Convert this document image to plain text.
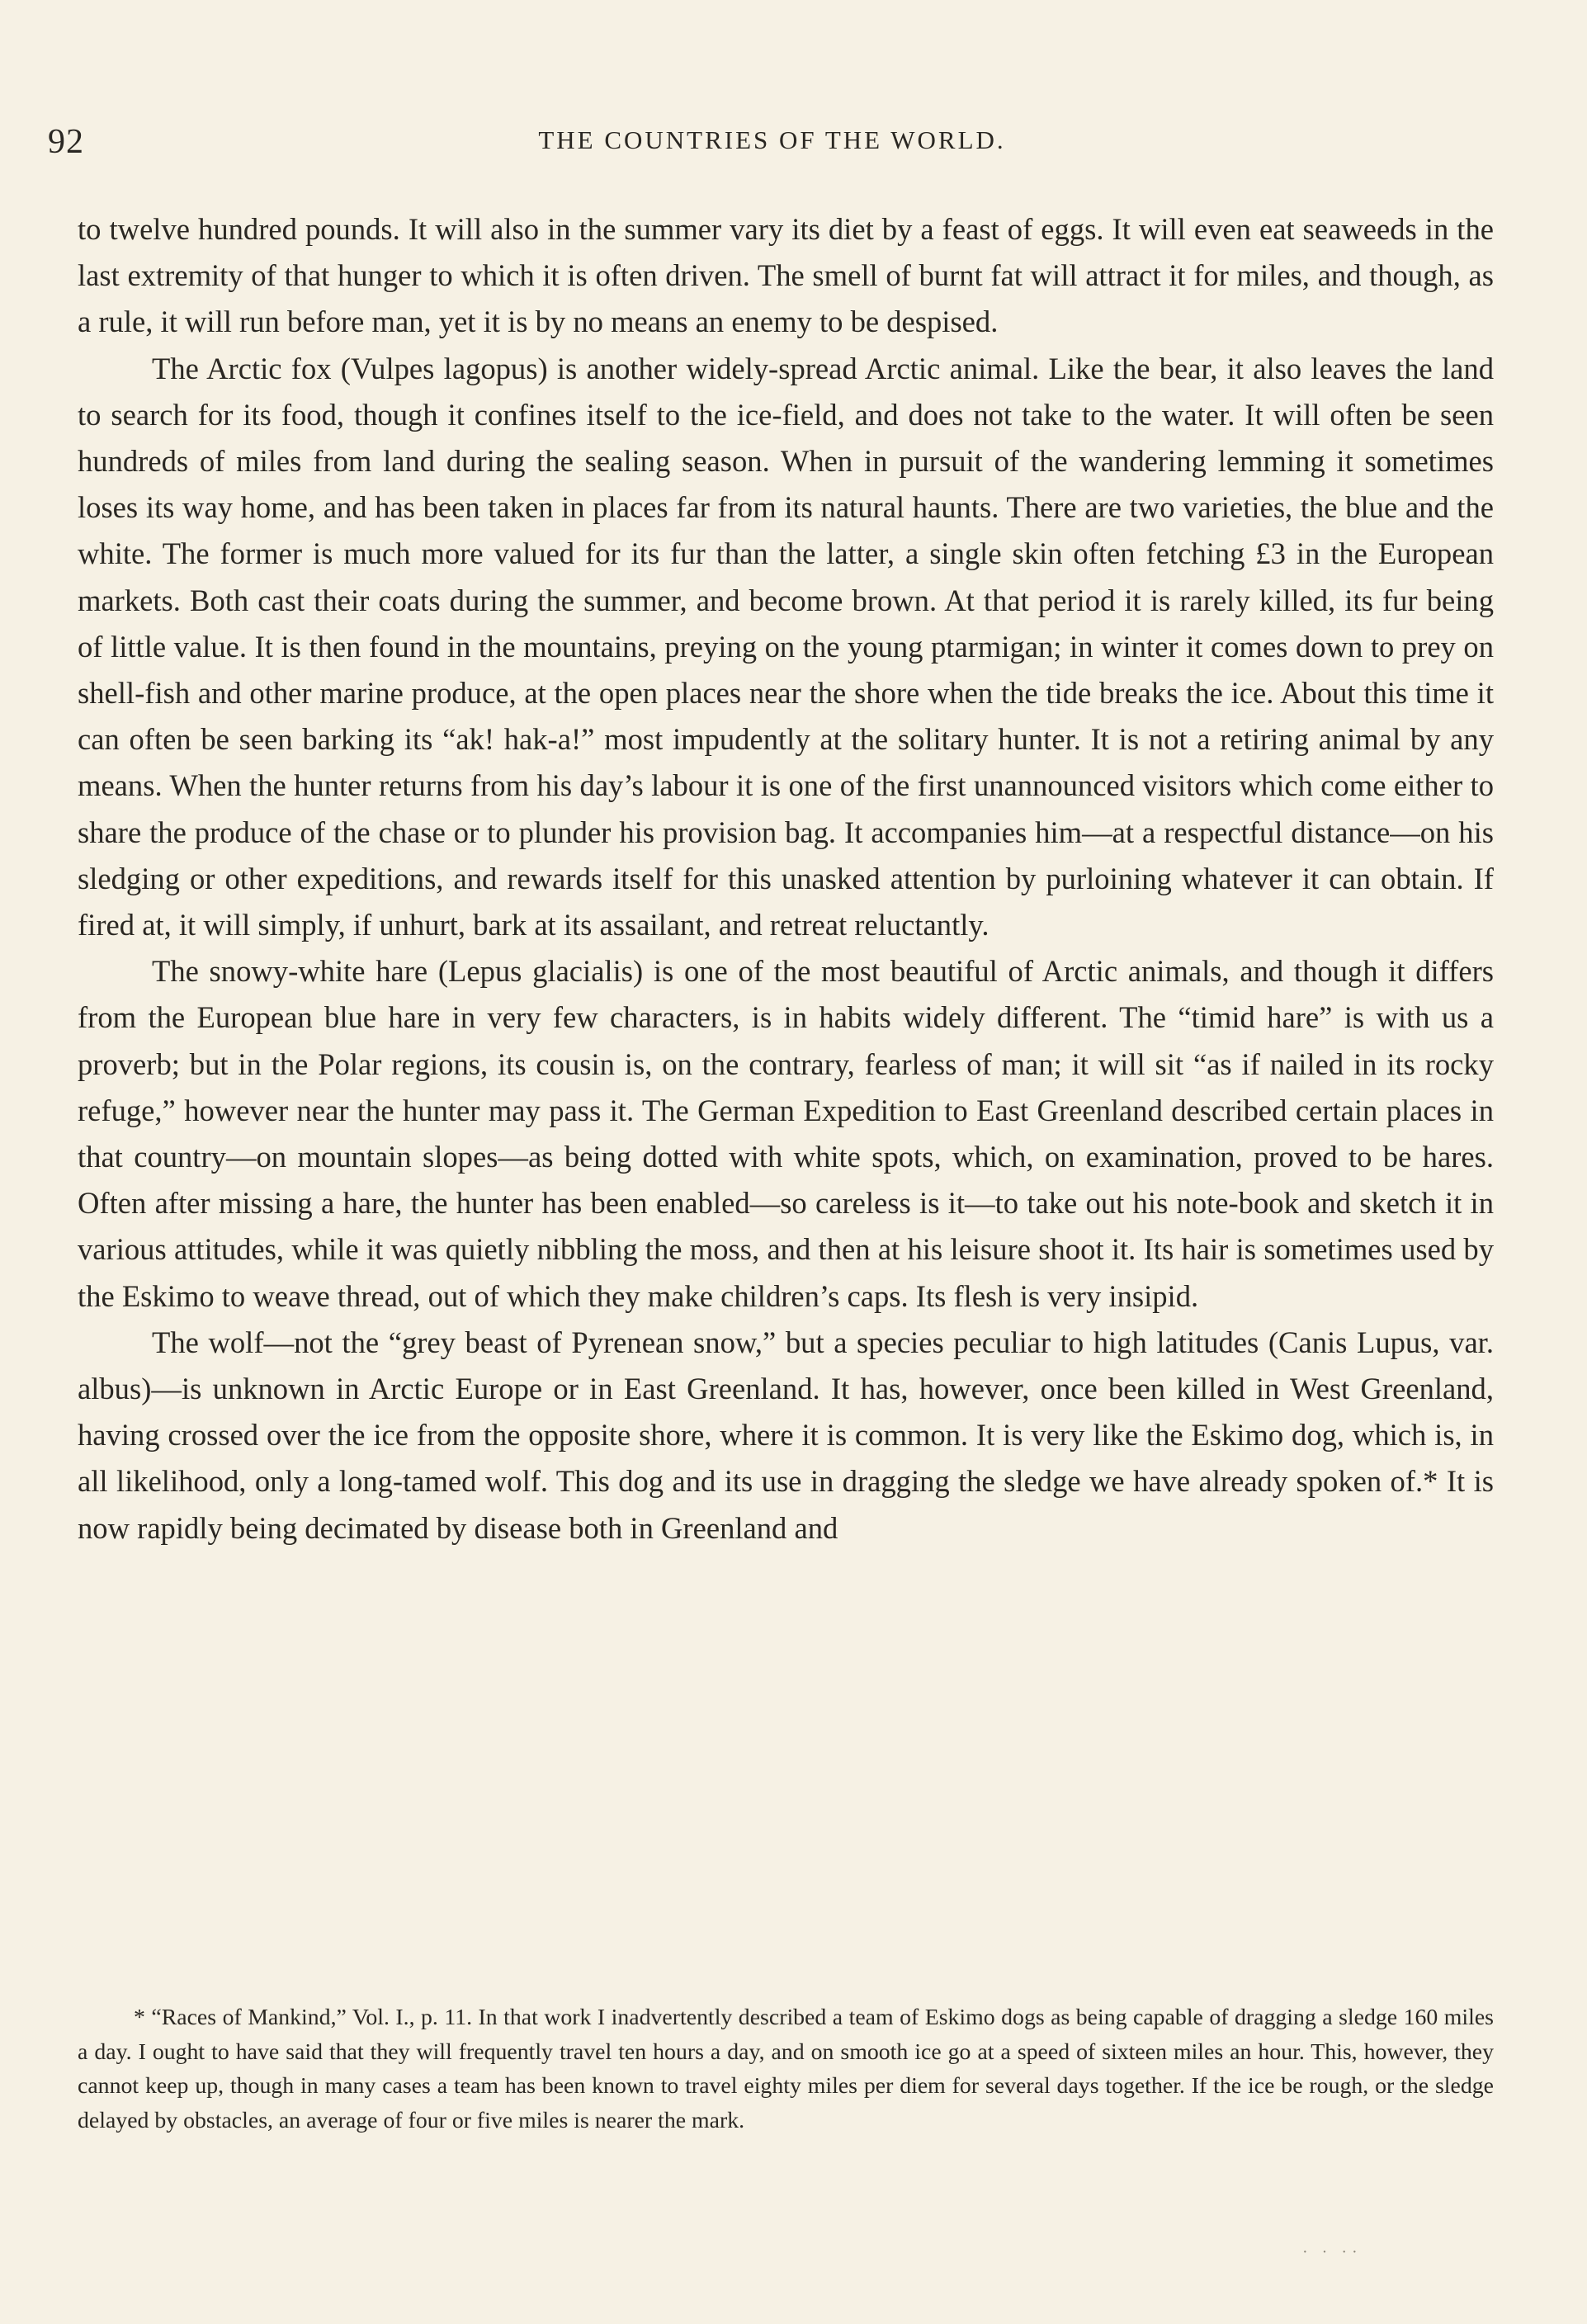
92	THE COUNTRIES OF THE WORLD.

to twelve hundred pounds. It will also in the summer vary its diet by a feast of eggs. It will even eat seaweeds in the last extremity of that hunger to which it is often driven. The smell of burnt fat will attract it for miles, and though, as a rule, it will run before man, yet it is by no means an enemy to be despised.

The Arctic fox (Vulpes lagopus) is another widely-spread Arctic animal. Like the bear, it also leaves the land to search for its food, though it confines itself to the ice-field, and does not take to the water. It will often be seen hundreds of miles from land during the sealing season. When in pursuit of the wandering lemming it sometimes loses its way home, and has been taken in places far from its natural haunts. There are two varieties, the blue and the white. The former is much more valued for its fur than the latter, a single skin often fetching £3 in the European markets. Both cast their coats during the summer, and become brown. At that period it is rarely killed, its fur being of little value. It is then found in the mountains, preying on the young ptarmigan; in winter it comes down to prey on shell-fish and other marine produce, at the open places near the shore when the tide breaks the ice. About this time it can often be seen barking its “ak! hak-a!” most impudently at the solitary hunter. It is not a retiring animal by any means. When the hunter returns from his day’s labour it is one of the first unannounced visitors which come either to share the produce of the chase or to plunder his provision bag. It accompanies him—at a respectful distance—on his sledging or other expeditions, and rewards itself for this unasked attention by purloining whatever it can obtain. If fired at, it will simply, if unhurt, bark at its assailant, and retreat reluctantly.

The snowy-white hare (Lepus glacialis) is one of the most beautiful of Arctic animals, and though it differs from the European blue hare in very few characters, is in habits widely different. The “timid hare” is with us a proverb; but in the Polar regions, its cousin is, on the contrary, fearless of man; it will sit “as if nailed in its rocky refuge,” however near the hunter may pass it. The German Expedition to East Greenland described certain places in that country—on mountain slopes—as being dotted with white spots, which, on examination, proved to be hares. Often after missing a hare, the hunter has been enabled—so careless is it—to take out his note-book and sketch it in various attitudes, while it was quietly nibbling the moss, and then at his leisure shoot it. Its hair is sometimes used by the Eskimo to weave thread, out of which they make children’s caps. Its flesh is very insipid.

The wolf—not the “grey beast of Pyrenean snow,” but a species peculiar to high latitudes (Canis Lupus, var. albus)—is unknown in Arctic Europe or in East Greenland. It has, however, once been killed in West Greenland, having crossed over the ice from the opposite shore, where it is common. It is very like the Eskimo dog, which is, in all likelihood, only a long-tamed wolf. This dog and its use in dragging the sledge we have already spoken of.* It is now rapidly being decimated by disease both in Greenland and

* “Races of Mankind,” Vol. I., p. 11. In that work I inadvertently described a team of Eskimo dogs as being capable of dragging a sledge 160 miles a day. I ought to have said that they will frequently travel ten hours a day, and on smooth ice go at a speed of sixteen miles an hour. This, however, they cannot keep up, though in many cases a team has been known to travel eighty miles per diem for several days together. If the ice be rough, or the sledge delayed by obstacles, an average of four or five miles is nearer the mark.

· · ··
